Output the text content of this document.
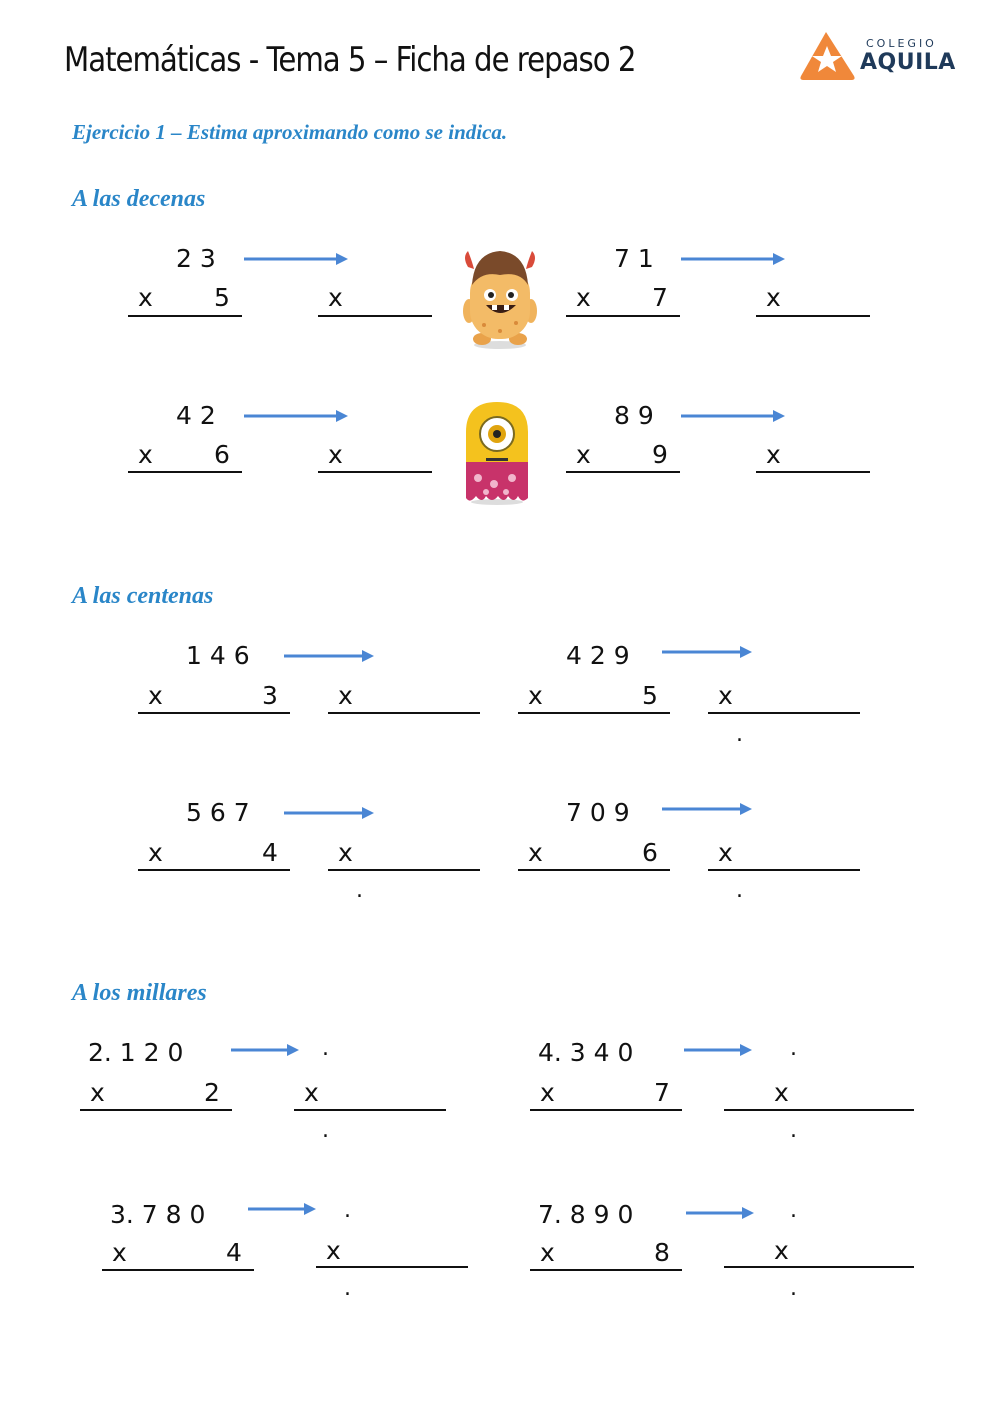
Matemáticas - Tema 5 – Ficha de repaso 2	COLEGIO
AQUILA
Ejercicio 1 – Estima aproximando como se indica.
A las decenas
2 3
x 5	x
7 1
x 7	x
4 2
x 6	x
8 9
x 9	x
A las centenas
1 4 6
x	3 x
4 2 9
x	5 x
.
5 6 7
x	4 x
.
7 0 9
x	6 x
.
A los millares
2. 1 2 0	.
x	2	x
.
4. 3 4 0	.
x	7	x
.
3. 7 8 0	.
x	4	x
.
7. 8 9 0	.
x	8	x
.
